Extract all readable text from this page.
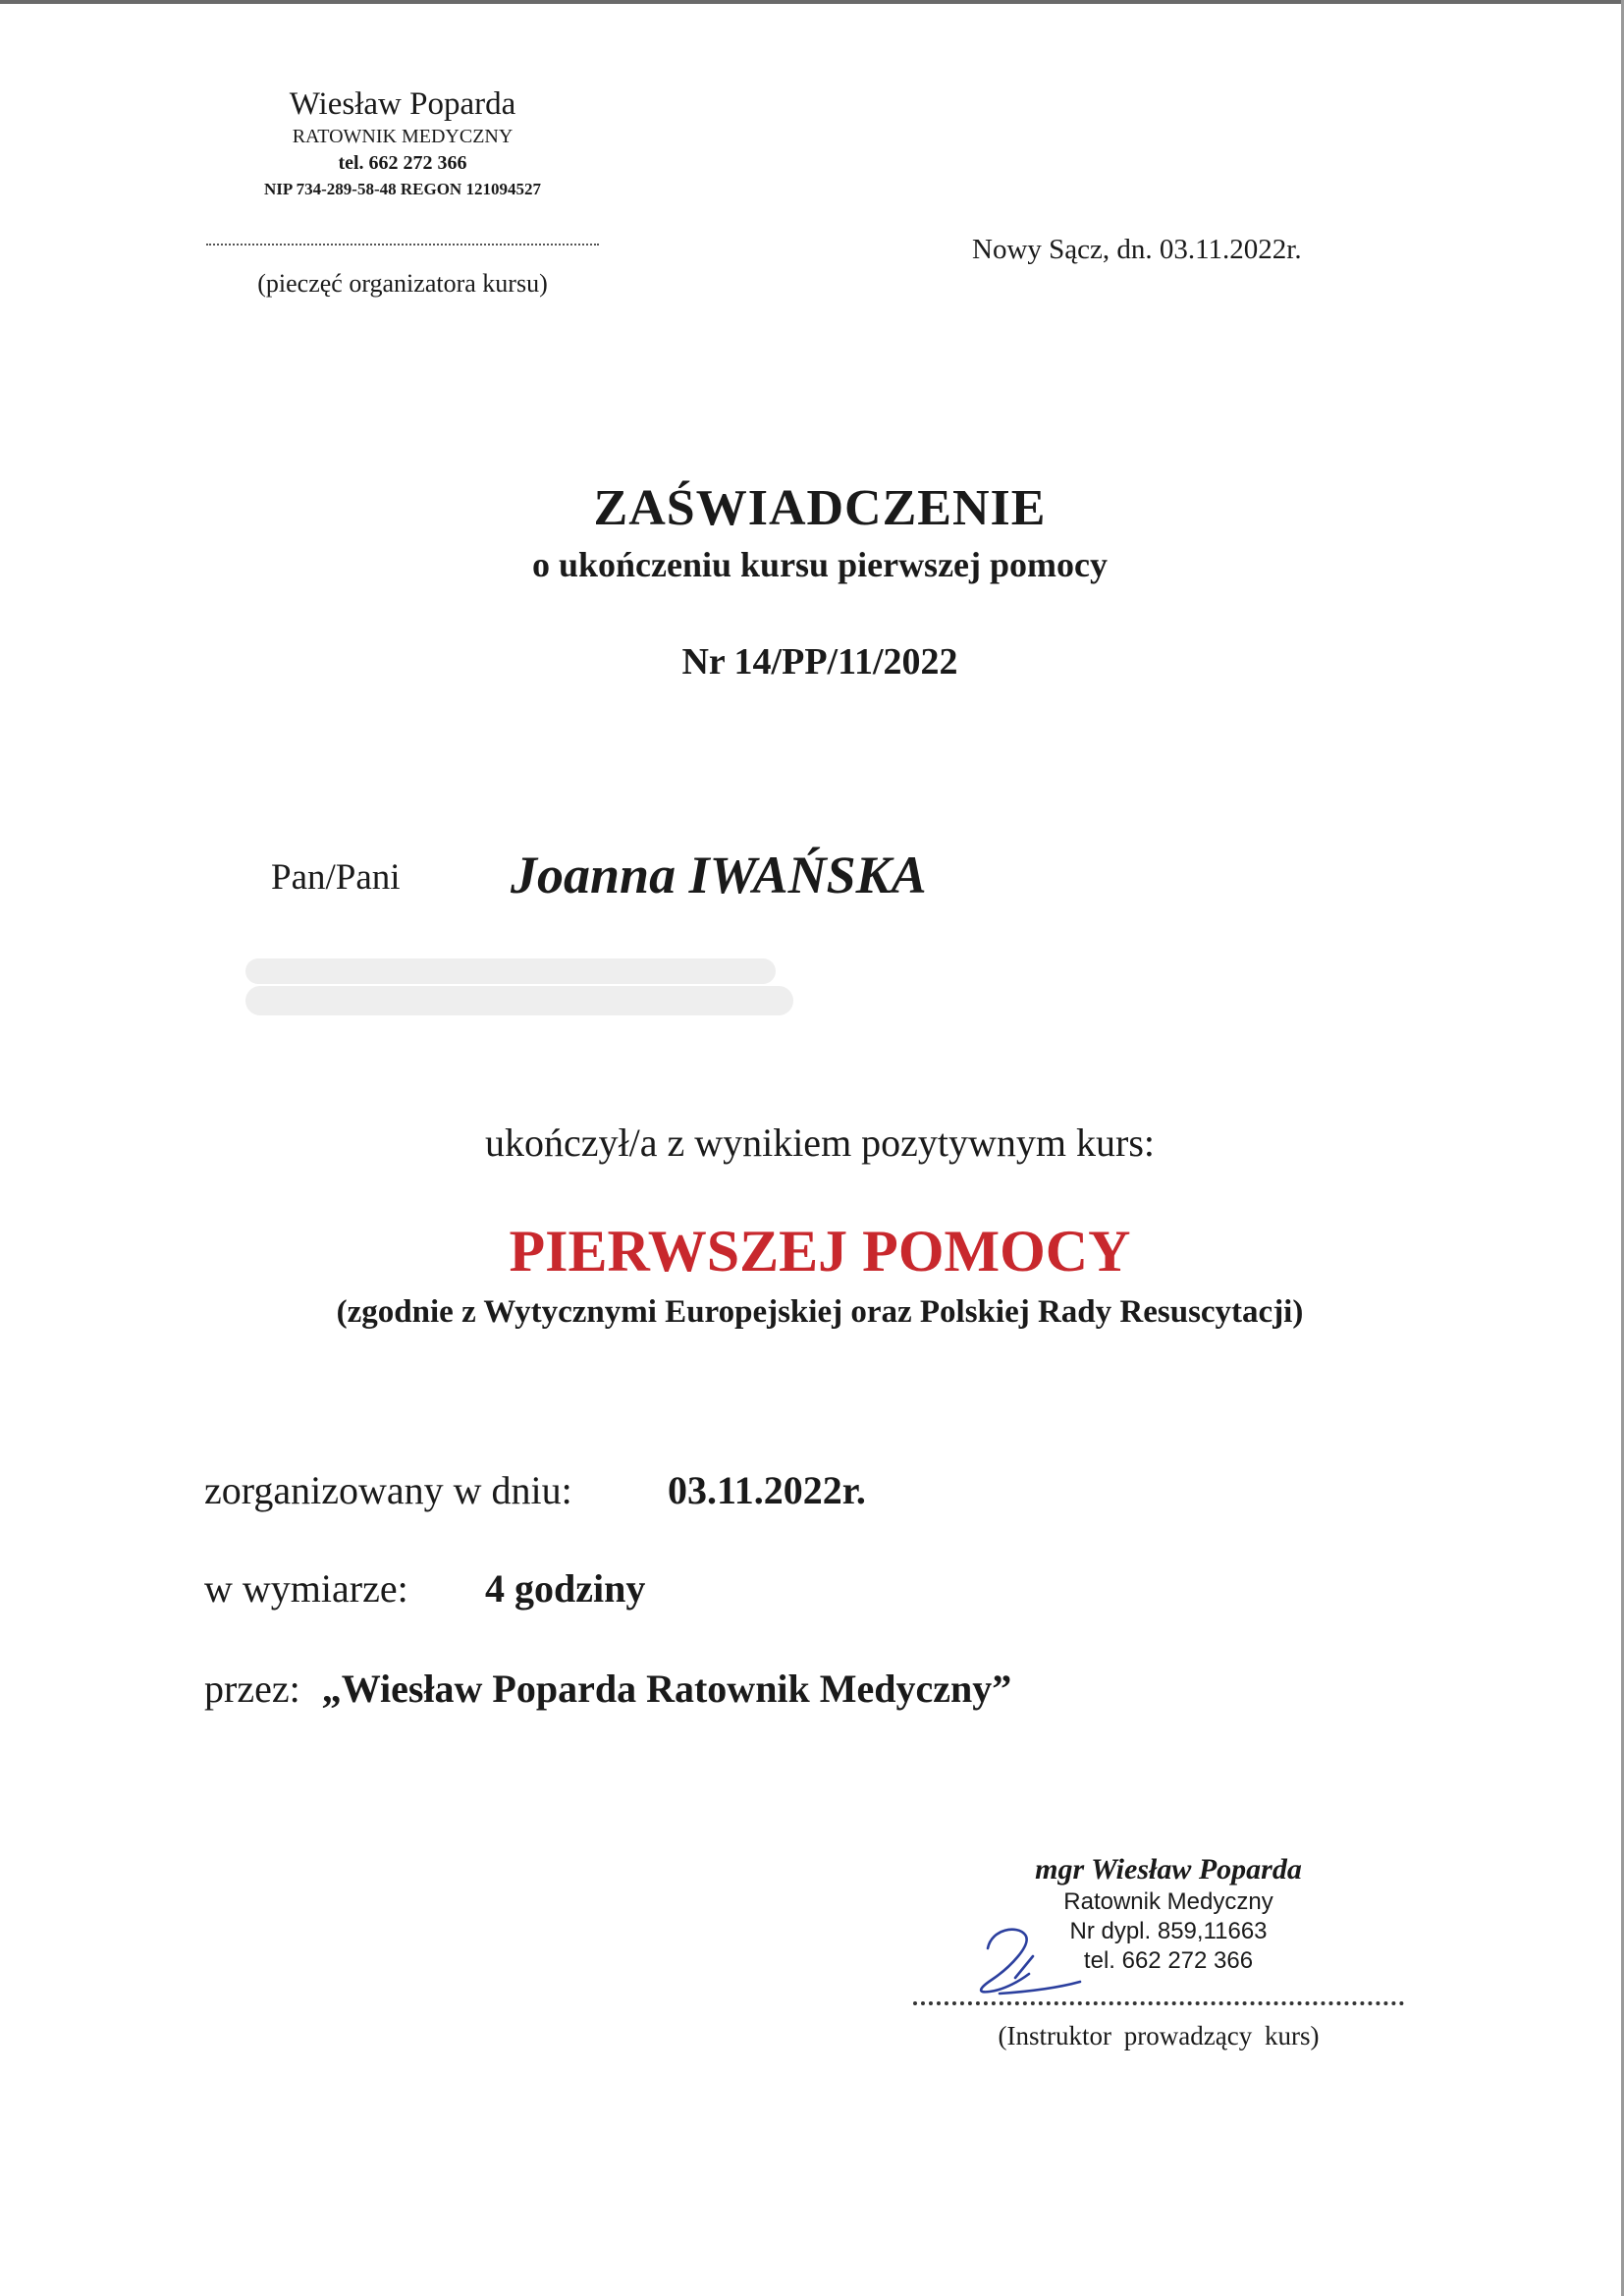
Wiesław Poparda
RATOWNIK MEDYCZNY
tel. 662 272 366
NIP 734-289-58-48 REGON 121094527
(pieczęć organizatora kursu)
Nowy Sącz, dn. 03.11.2022r.
ZAŚWIADCZENIE
o ukończeniu kursu pierwszej pomocy
Nr 14/PP/11/2022
Pan/Pani Joanna IWAŃSKA
ukończył/a z wynikiem pozytywnym kurs:
PIERWSZEJ POMOCY
(zgodnie z Wytycznymi Europejskiej oraz Polskiej Rady Resuscytacji)
zorganizowany w dniu: 03.11.2022r.
w wymiarze: 4 godziny
przez: „Wiesław Poparda Ratownik Medyczny”
mgr Wiesław Poparda
Ratownik Medyczny
Nr dypl. 859,11663
tel. 662 272 366
(Instruktor prowadzący kurs)
